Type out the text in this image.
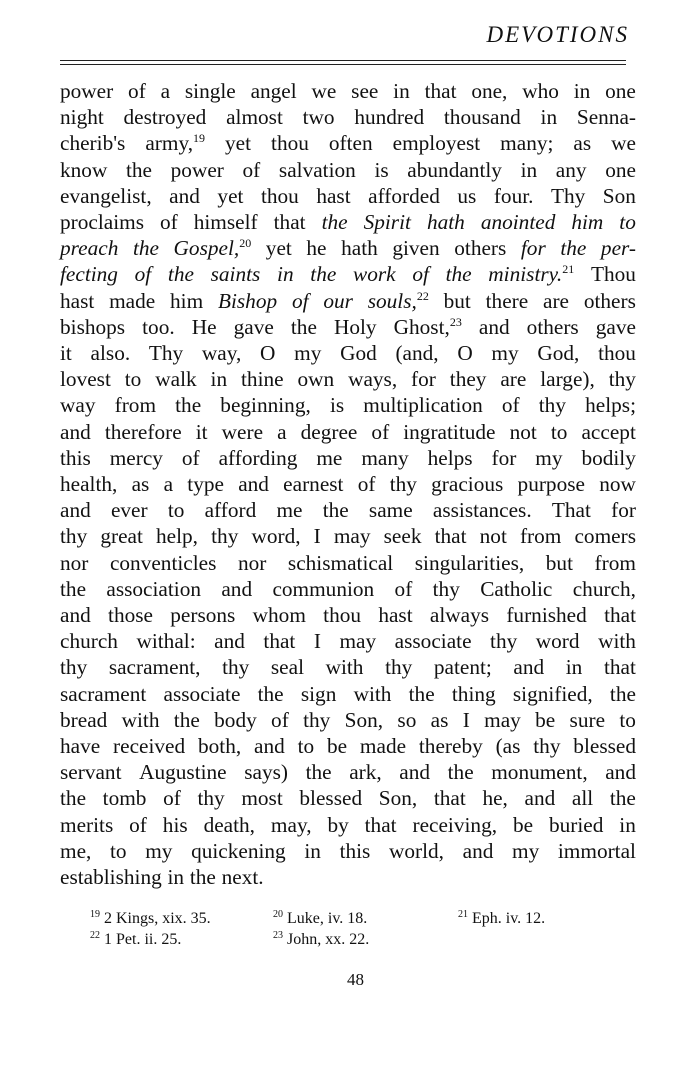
DEVOTIONS
power of a single angel we see in that one, who in one
night destroyed almost two hundred thousand in Senna-
cherib's army,$^{19}$ yet thou often employest many; as we
know the power of salvation is abundantly in any one
evangelist, and yet thou hast afforded us four. Thy Son
proclaims of himself that the Spirit hath anointed him to
preach the Gospel,$^{20}$ yet he hath given others for the per-
fecting of the saints in the work of the ministry.$^{21}$ Thou
hast made him Bishop of our souls,$^{22}$ but there are others
bishops too. He gave the Holy Ghost,$^{23}$ and others gave
it also. Thy way, O my God (and, O my God, thou
lovest to walk in thine own ways, for they are large), thy
way from the beginning, is multiplication of thy helps;
and therefore it were a degree of ingratitude not to accept
this mercy of affording me many helps for my bodily
health, as a type and earnest of thy gracious purpose now
and ever to afford me the same assistances. That for
thy great help, thy word, I may seek that not from comers
nor conventicles nor schismatical singularities, but from
the association and communion of thy Catholic church,
and those persons whom thou hast always furnished that
church withal: and that I may associate thy word with
thy sacrament, thy seal with thy patent; and in that
sacrament associate the sign with the thing signified, the
bread with the body of thy Son, so as I may be sure to
have received both, and to be made thereby (as thy blessed
servant Augustine says) the ark, and the monument, and
the tomb of thy most blessed Son, that he, and all the
merits of his death, may, by that receiving, be buried in
me, to my quickening in this world, and my immortal
establishing in the next.
$^{19}$ 2 Kings, xix. 35.	$^{20}$ Luke, iv. 18.	$^{21}$ Eph. iv. 12.
$^{22}$ 1 Pet. ii. 25.	$^{23}$ John, xx. 22.
48
